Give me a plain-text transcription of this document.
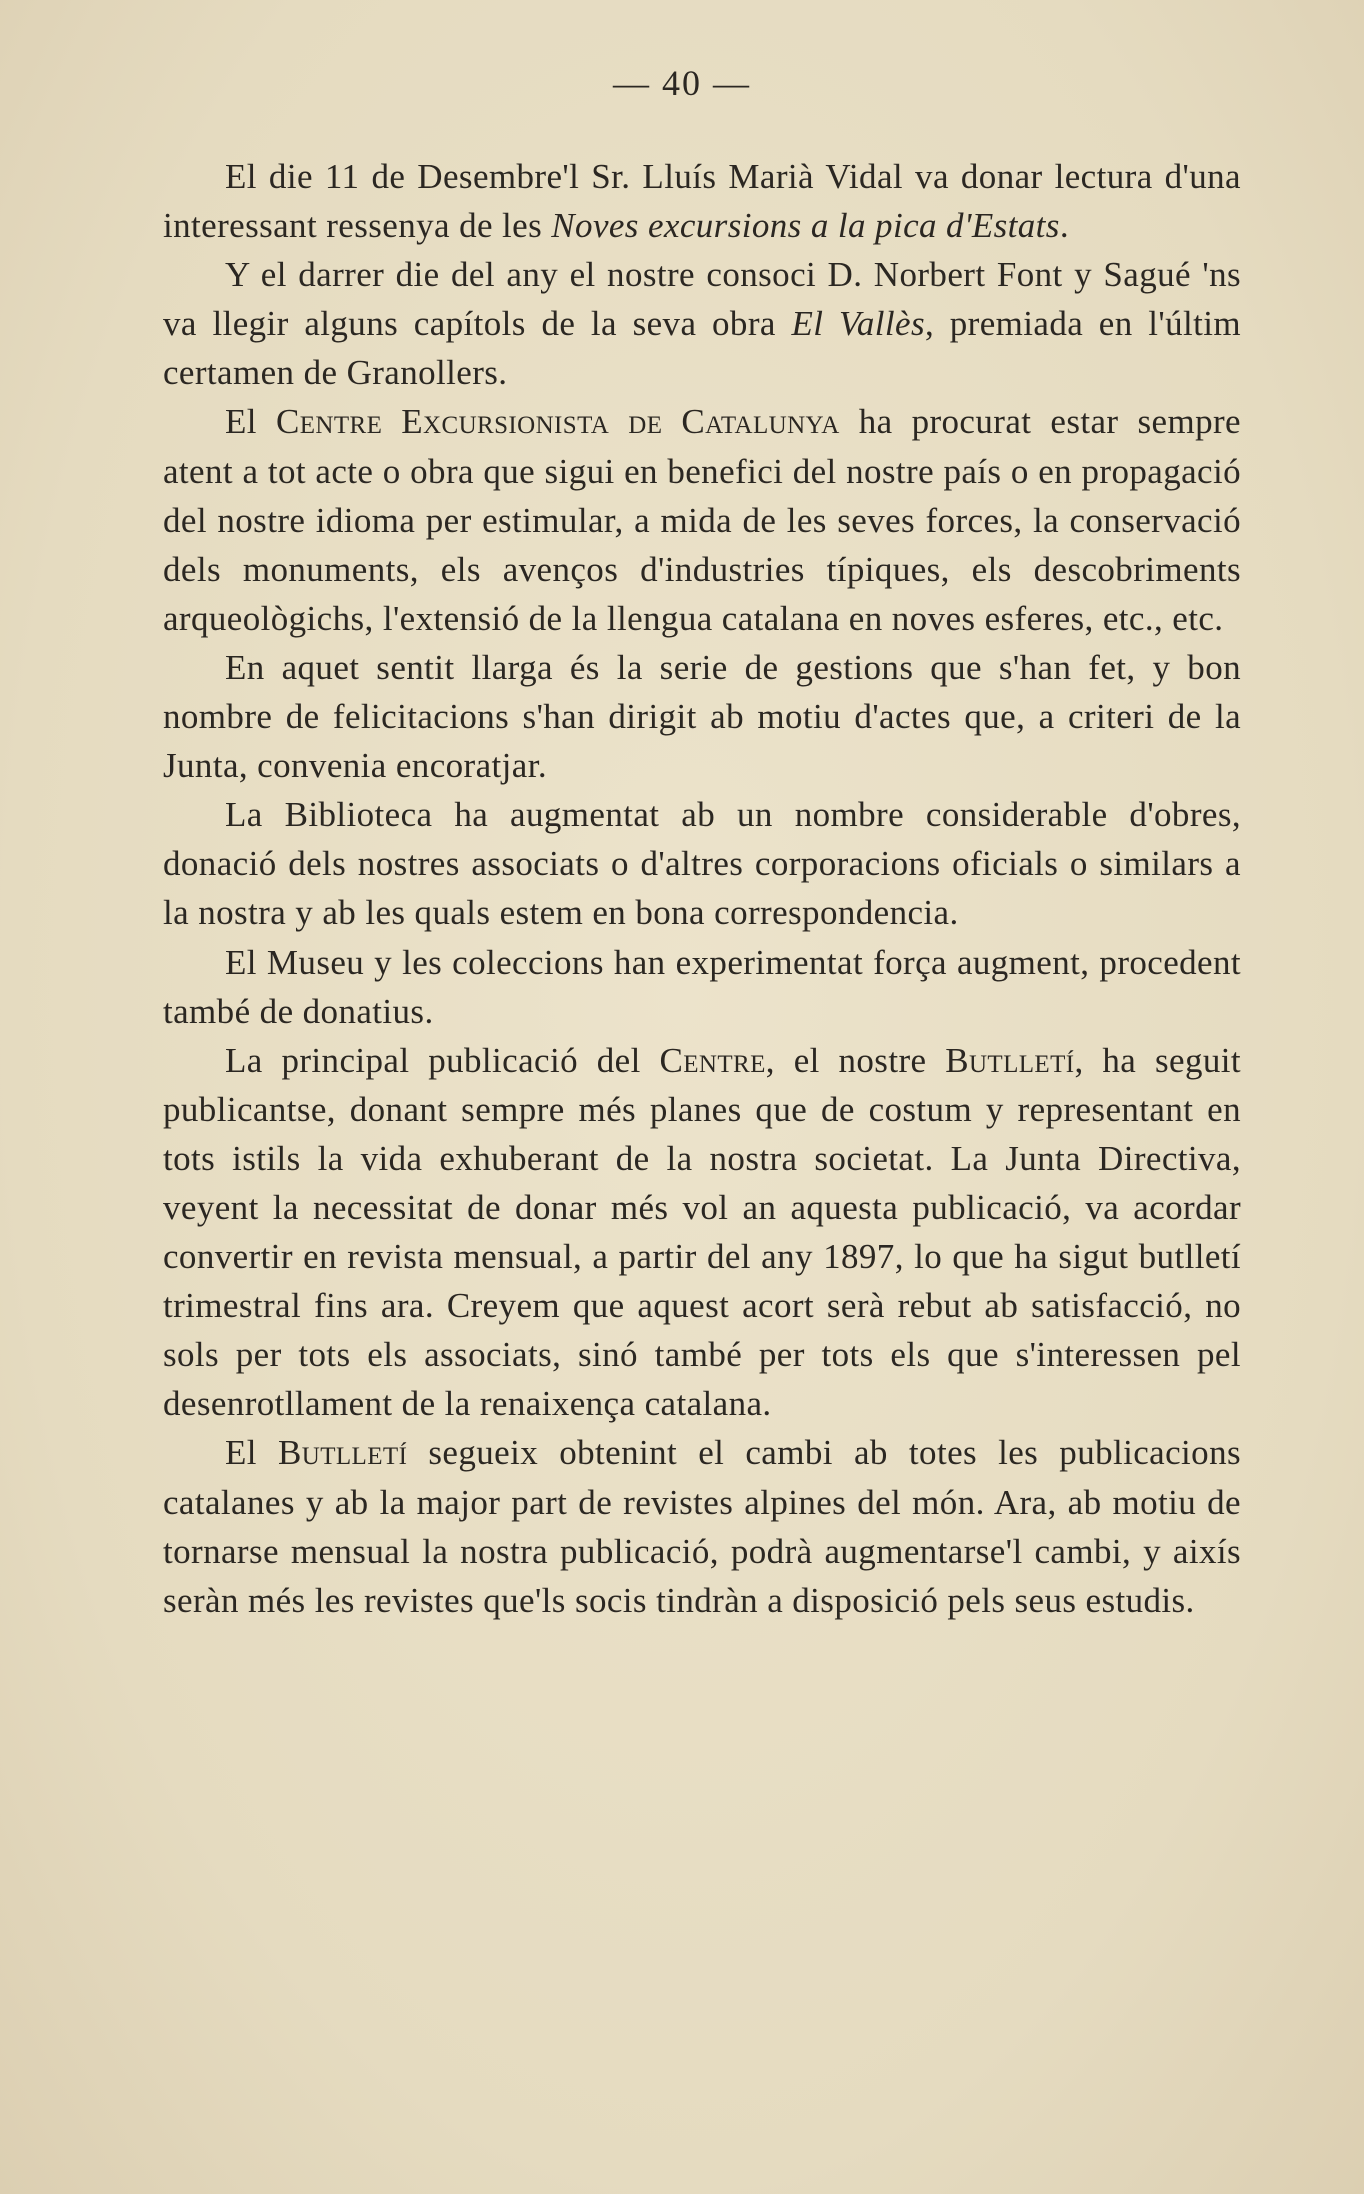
— 40 —

El die 11 de Desembre'l Sr. Lluís Marià Vidal va donar lectura d'una interessant ressenya de les Noves excursions a la pica d'Estats.

Y el darrer die del any el nostre consoci D. Norbert Font y Sagué 'ns va llegir alguns capítols de la seva obra El Vallès, premiada en l'últim certamen de Granollers.

El Centre Excursionista de Catalunya ha procurat estar sempre atent a tot acte o obra que sigui en benefici del nostre país o en propagació del nostre idioma per estimular, a mida de les seves forces, la conservació dels monuments, els avenços d'industries típiques, els descobriments arqueològichs, l'extensió de la llengua catalana en noves esferes, etc., etc.

En aquet sentit llarga és la serie de gestions que s'han fet, y bon nombre de felicitacions s'han dirigit ab motiu d'actes que, a criteri de la Junta, convenia encoratjar.

La Biblioteca ha augmentat ab un nombre considerable d'obres, donació dels nostres associats o d'altres corporacions oficials o similars a la nostra y ab les quals estem en bona correspondencia.

El Museu y les coleccions han experimentat força augment, procedent també de donatius.

La principal publicació del Centre, el nostre Butlletí, ha seguit publicantse, donant sempre més planes que de costum y representant en tots istils la vida exhuberant de la nostra societat. La Junta Directiva, veyent la necessitat de donar més vol an aquesta publicació, va acordar convertir en revista mensual, a partir del any 1897, lo que ha sigut butlletí trimestral fins ara. Creyem que aquest acort serà rebut ab satisfacció, no sols per tots els associats, sinó també per tots els que s'interessen pel desenrotllament de la renaixença catalana.

El Butlletí segueix obtenint el cambi ab totes les publicacions catalanes y ab la major part de revistes alpines del món. Ara, ab motiu de tornarse mensual la nostra publicació, podrà augmentarse'l cambi, y aixís seràn més les revistes que'ls socis tindràn a disposició pels seus estudis.
